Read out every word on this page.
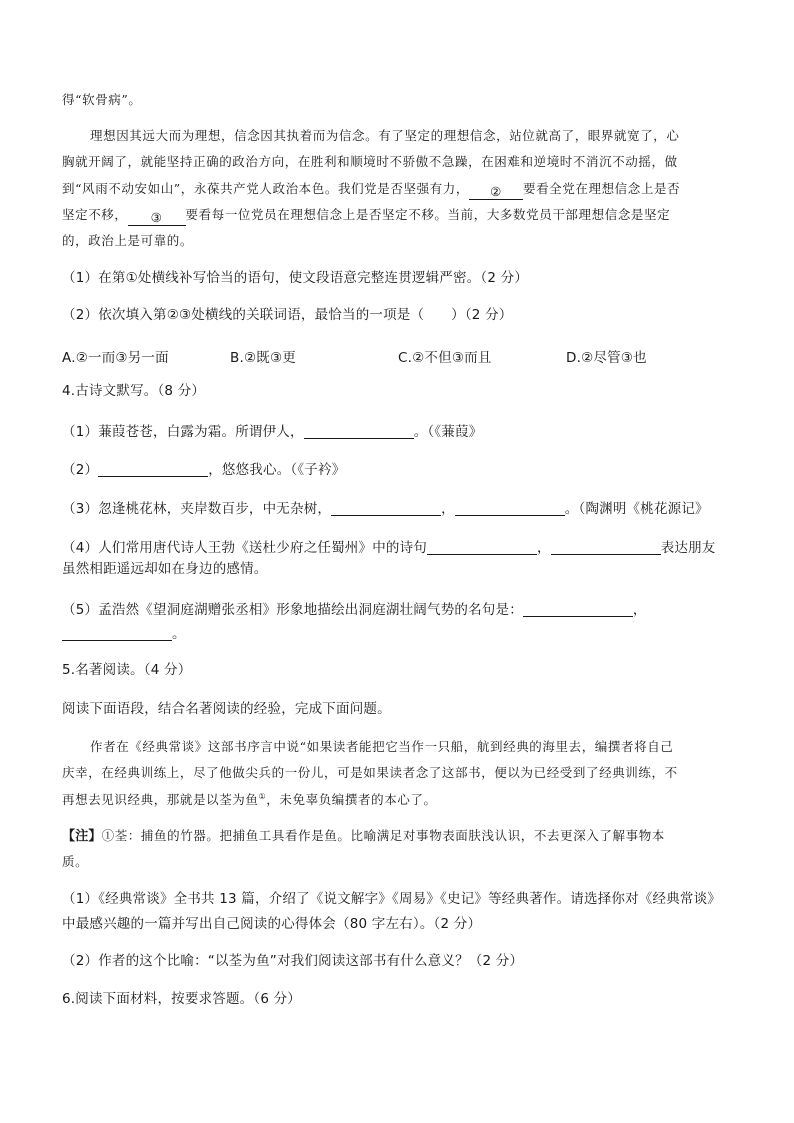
得“软骨病”。
理想因其远大而为理想，信念因其执着而为信念。有了坚定的理想信念，站位就高了，眼界就宽了，心
胸就开阔了，就能坚持正确的政治方向，在胜利和顺境时不骄傲不急躁，在困难和逆境时不消沉不动摇，做
到“风雨不动安如山”，永葆共产党人政治本色。我们党是否坚强有力， ② 要看全党在理想信念上是否
坚定不移， ③ 要看每一位党员在理想信念上是否坚定不移。当前，大多数党员干部理想信念是坚定
的，政治上是可靠的。
（1）在第①处横线补写恰当的语句，使文段语意完整连贯逻辑严密。（2 分）
（2）依次填入第②③处横线的关联词语，最恰当的一项是（      ）（2 分）
A.②一而③另一面	B.②既③更	C.②不但③而且	D.②尽管③也
4.古诗文默写。（8 分）
（1）蒹葭苍苍，白露为霜。所谓伊人，	。（《蒹葭》
（2）	，悠悠我心。（《子衿》
（3）忽逢桃花林，夹岸数百步，中无杂树，	，	。（陶渊明《桃花源记》
（4）人们常用唐代诗人王勃《送杜少府之任蜀州》中的诗句	，	表达朋友
虽然相距遥远却如在身边的感情。
（5）孟浩然《望洞庭湖赠张丞相》形象地描绘出洞庭湖壮阔气势的名句是：	，
。
5.名著阅读。（4 分）
阅读下面语段，结合名著阅读的经验，完成下面问题。
作者在《经典常谈》这部书序言中说“如果读者能把它当作一只船，航到经典的海里去，编撰者将自己
庆幸，在经典训练上，尽了他做尖兵的一份儿，可是如果读者念了这部书，便以为已经受到了经典训练，不
再想去见识经典，那就是以荃为鱼①，未免辜负编撰者的本心了。
【注】①荃：捕鱼的竹器。把捕鱼工具看作是鱼。比喻满足对事物表面肤浅认识，不去更深入了解事物本
质。
（1）《经典常谈》全书共 13 篇，介绍了《说文解字》《周易》《史记》等经典著作。请选择你对《经典常谈》
中最感兴趣的一篇并写出自己阅读的心得体会（80 字左右）。（2 分）
（2）作者的这个比喻：“以荃为鱼”对我们阅读这部书有什么意义？（2 分）
6.阅读下面材料，按要求答题。（6 分）
